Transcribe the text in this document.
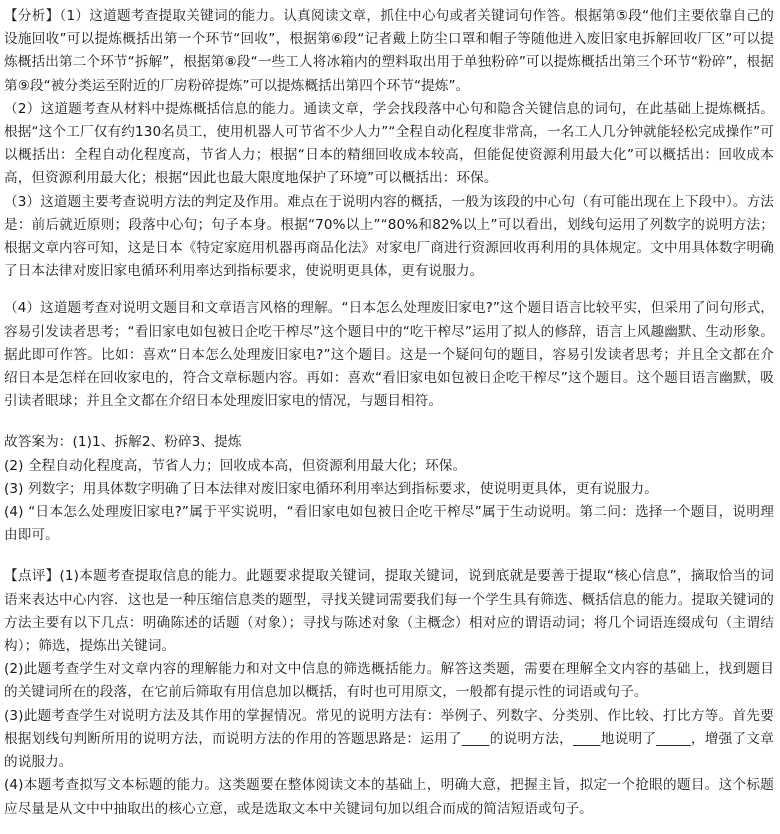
【分析】（1）这道题考查提取关键词的能力。认真阅读文章，抓住中心句或者关键词句作答。根据第⑤段“他们主要依靠自己的设施回收”可以提炼概括出第一个环节“回收”，根据第⑥段“记者戴上防尘口罩和帽子等随他进入废旧家电拆解回收厂区”可以提炼概括出第二个环节“拆解”，根据第⑧段“一些工人将冰箱内的塑料取出用于单独粉碎”可以提炼概括出第三个环节“粉碎”，根据第⑨段“被分类运至附近的厂房粉碎提炼”可以提炼概括出第四个环节“提炼”。

（2）这道题考查从材料中提炼概括信息的能力。通读文章，学会找段落中心句和隐含关键信息的词句，在此基础上提炼概括。根据“这个工厂仅有约130名员工，使用机器人可节省不少人力”“全程自动化程度非常高，一名工人几分钟就能轻松完成操作”可以概括出：全程自动化程度高，节省人力；根据“日本的精细回收成本较高，但能促使资源利用最大化”可以概括出：回收成本高，但资源利用最大化；根据“因此也最大限度地保护了环境”可以概括出：环保。

（3）这道题主要考查说明方法的判定及作用。难点在于说明内容的概括，一般为该段的中心句（有可能出现在上下段中）。方法是：前后就近原则；段落中心句；句子本身。根据“70%以上”“80%和82%以上”可以看出，划线句运用了列数字的说明方法；根据文章内容可知，这是日本《特定家庭用机器再商品化法》对家电厂商进行资源回收再利用的具体规定。文中用具体数字明确了日本法律对废旧家电循环利用率达到指标要求，使说明更具体，更有说服力。

（4）这道题考查对说明文题目和文章语言风格的理解。“日本怎么处理废旧家电?”这个题目语言比较平实，但采用了问句形式，容易引发读者思考；“看旧家电如包被日企吃干榨尽”这个题目中的“吃干榨尽”运用了拟人的修辞，语言上风趣幽默、生动形象。据此即可作答。比如：喜欢“日本怎么处理废旧家电?”这个题目。这是一个疑问句的题目，容易引发读者思考；并且全文都在介绍日本是怎样在回收家电的，符合文章标题内容。再如：喜欢“看旧家电如包被日企吃干榨尽”这个题目。这个题目语言幽默，吸引读者眼球；并且全文都在介绍日本处理废旧家电的情况，与题目相符。

故答案为：(1)1、拆解2、粉碎3、提炼

(2) 全程自动化程度高，节省人力；回收成本高，但资源利用最大化；环保。

(3) 列数字；用具体数字明确了日本法律对废旧家电循环利用率达到指标要求，使说明更具体，更有说服力。

(4) “日本怎么处理废旧家电?”属于平实说明，“看旧家电如包被日企吃干榨尽”属于生动说明。第二问：选择一个题目，说明理由即可。

【点评】(1)本题考查提取信息的能力。此题要求提取关键词，提取关键词，说到底就是要善于提取“核心信息”，摘取恰当的词语来表达中心内容．这也是一种压缩信息类的题型，寻找关键词需要我们每一个学生具有筛选、概括信息的能力。提取关键词的方法主要有以下几点：明确陈述的话题（对象）；寻找与陈述对象（主概念）相对应的谓语动词；将几个词语连缀成句（主谓结构）；筛选，提炼出关键词。

(2)此题考查学生对文章内容的理解能力和对文中信息的筛选概括能力。解答这类题，需要在理解全文内容的基础上，找到题目的关键词所在的段落，在它前后筛取有用信息加以概括，有时也可用原文，一般都有提示性的词语或句子。

(3)此题考查学生对说明方法及其作用的掌握情况。常见的说明方法有：举例子、列数字、分类别、作比较、打比方等。首先要根据划线句判断所用的说明方法，而说明方法的作用的答题思路是：运用了____的说明方法，____地说明了_____，增强了文章的说服力。

(4)本题考查拟写文本标题的能力。这类题要在整体阅读文本的基础上，明确大意，把握主旨，拟定一个抢眼的题目。这个标题应尽量是从文中中抽取出的核心立意，或是选取文本中关键词句加以组合而成的简洁短语或句子。
